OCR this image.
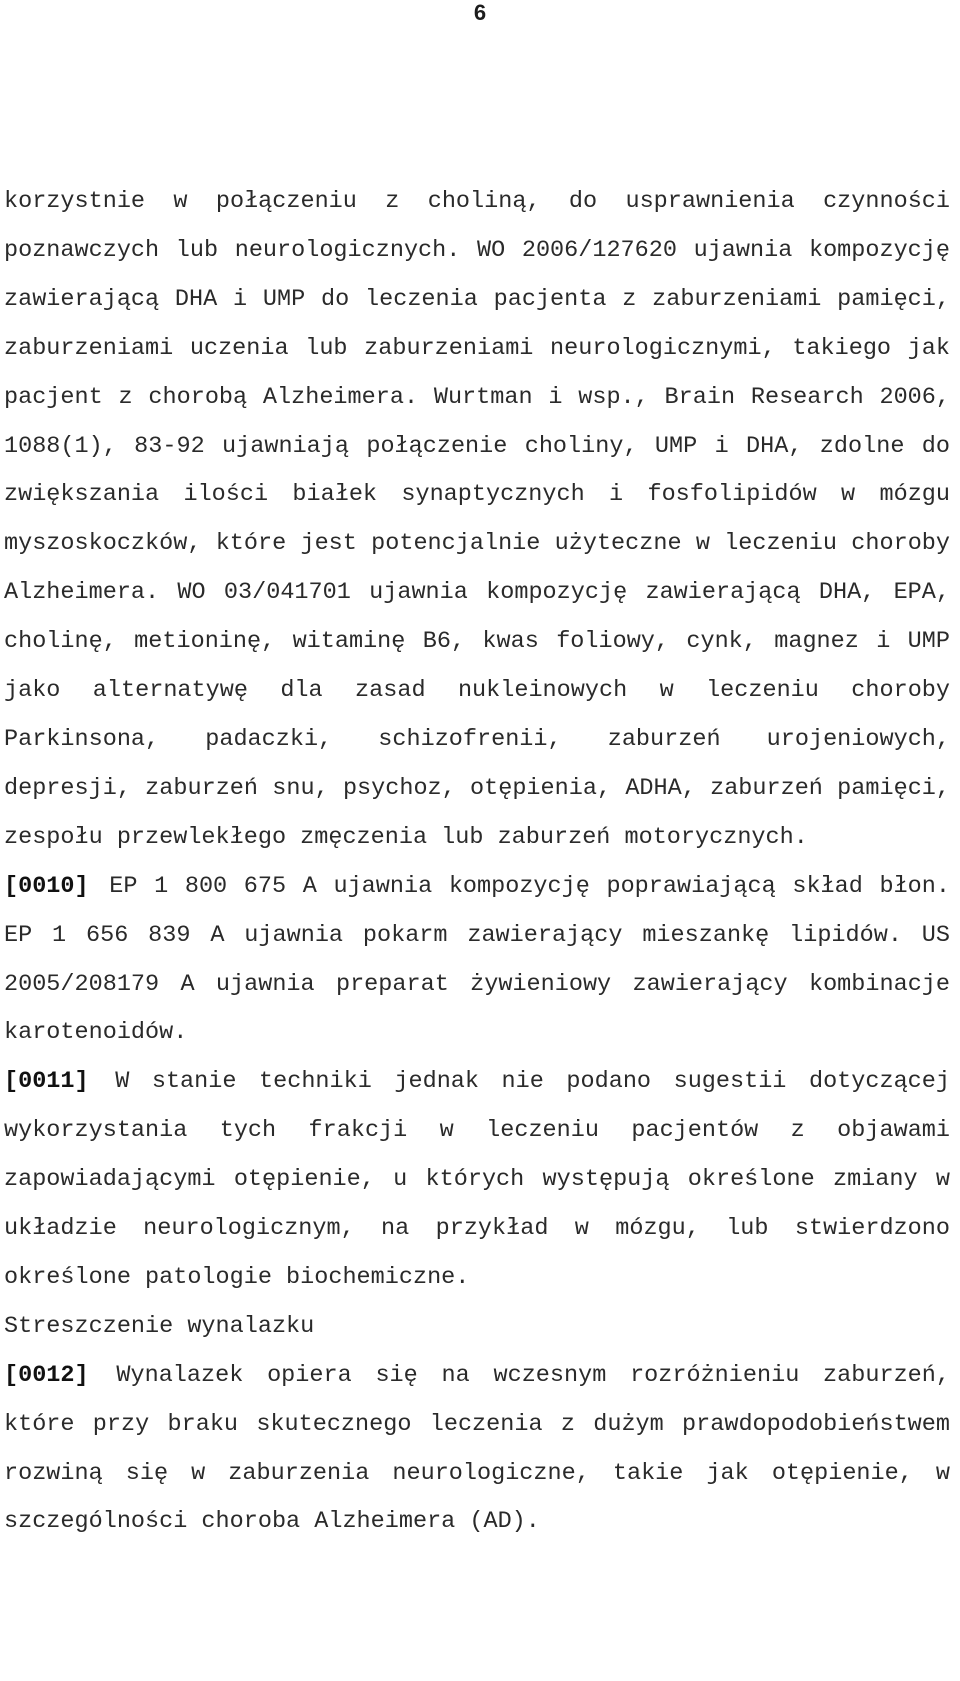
6

korzystnie w połączeniu z choliną, do usprawnienia czynności poznawczych lub neurologicznych. WO 2006/127620 ujawnia kompozycję zawierającą DHA i UMP do leczenia pacjenta z zaburzeniami pamięci, zaburzeniami uczenia lub zaburzeniami neurologicznymi, takiego jak pacjent z chorobą Alzheimera. Wurtman i wsp., Brain Research 2006, 1088(1), 83-92 ujawniają połączenie choliny, UMP i DHA, zdolne do zwiększania ilości białek synaptycznych i fosfolipidów w mózgu myszoskoczków, które jest potencjalnie użyteczne w leczeniu choroby Alzheimera. WO 03/041701 ujawnia kompozycję zawierającą DHA, EPA, cholinę, metioninę, witaminę B6, kwas foliowy, cynk, magnez i UMP jako alternatywę dla zasad nukleinowych w leczeniu choroby Parkinsona, padaczki, schizofrenii, zaburzeń urojeniowych, depresji, zaburzeń snu, psychoz, otępienia, ADHA, zaburzeń pamięci, zespołu przewlekłego zmęczenia lub zaburzeń motorycznych.

[0010] EP 1 800 675 A ujawnia kompozycję poprawiającą skład błon. EP 1 656 839 A ujawnia pokarm zawierający mieszankę lipidów. US 2005/208179 A ujawnia preparat żywieniowy zawierający kombinacje karotenoidów.

[0011] W stanie techniki jednak nie podano sugestii dotyczącej wykorzystania tych frakcji w leczeniu pacjentów z objawami zapowiadającymi otępienie, u których występują określone zmiany w układzie neurologicznym, na przykład w mózgu, lub stwierdzono określone patologie biochemiczne.

Streszczenie wynalazku

[0012] Wynalazek opiera się na wczesnym rozróżnieniu zaburzeń, które przy braku skutecznego leczenia z dużym prawdopodobieństwem rozwiną się w zaburzenia neurologiczne, takie jak otępienie, w szczególności choroba Alzheimera (AD).
